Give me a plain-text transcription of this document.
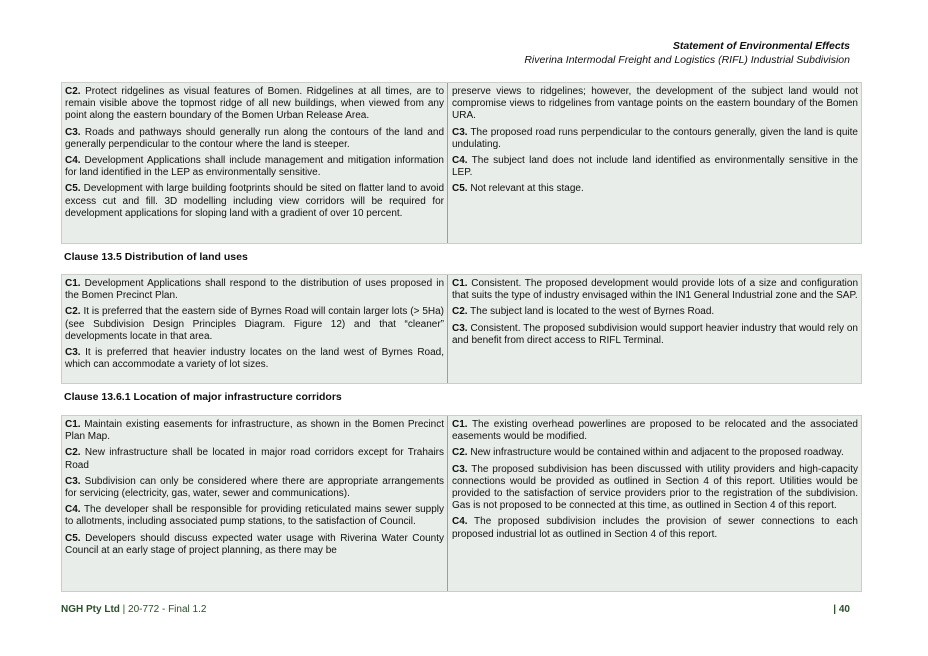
Statement of Environmental Effects
Riverina Intermodal Freight and Logistics (RIFL) Industrial Subdivision
C2. Protect ridgelines as visual features of Bomen. Ridgelines at all times, are to remain visible above the topmost ridge of all new buildings, when viewed from any point along the eastern boundary of the Bomen Urban Release Area.
C3. Roads and pathways should generally run along the contours of the land and generally perpendicular to the contour where the land is steeper.
C4. Development Applications shall include management and mitigation information for land identified in the LEP as environmentally sensitive.
C5. Development with large building footprints should be sited on flatter land to avoid excess cut and fill. 3D modelling including view corridors will be required for development applications for sloping land with a gradient of over 10 percent.
preserve views to ridgelines; however, the development of the subject land would not compromise views to ridgelines from vantage points on the eastern boundary of the Bomen URA.
C3. The proposed road runs perpendicular to the contours generally, given the land is quite undulating.
C4. The subject land does not include land identified as environmentally sensitive in the LEP.
C5. Not relevant at this stage.
Clause 13.5 Distribution of land uses
C1. Development Applications shall respond to the distribution of uses proposed in the Bomen Precinct Plan.
C2. It is preferred that the eastern side of Byrnes Road will contain larger lots (> 5Ha) (see Subdivision Design Principles Diagram. Figure 12) and that “cleaner” developments locate in that area.
C3. It is preferred that heavier industry locates on the land west of Byrnes Road, which can accommodate a variety of lot sizes.
C1. Consistent. The proposed development would provide lots of a size and configuration that suits the type of industry envisaged within the IN1 General Industrial zone and the SAP.
C2. The subject land is located to the west of Byrnes Road.
C3. Consistent. The proposed subdivision would support heavier industry that would rely on and benefit from direct access to RIFL Terminal.
Clause 13.6.1 Location of major infrastructure corridors
C1. Maintain existing easements for infrastructure, as shown in the Bomen Precinct Plan Map.
C2. New infrastructure shall be located in major road corridors except for Trahairs Road
C3. Subdivision can only be considered where there are appropriate arrangements for servicing (electricity, gas, water, sewer and communications).
C4. The developer shall be responsible for providing reticulated mains sewer supply to allotments, including associated pump stations, to the satisfaction of Council.
C5. Developers should discuss expected water usage with Riverina Water County Council at an early stage of project planning, as there may be
C1. The existing overhead powerlines are proposed to be relocated and the associated easements would be modified.
C2. New infrastructure would be contained within and adjacent to the proposed roadway.
C3. The proposed subdivision has been discussed with utility providers and high-capacity connections would be provided as outlined in Section 4 of this report. Utilities would be provided to the satisfaction of service providers prior to the registration of the subdivision. Gas is not proposed to be connected at this time, as outlined in Section 4 of this report.
C4. The proposed subdivision includes the provision of sewer connections to each proposed industrial lot as outlined in Section 4 of this report.
NGH Pty Ltd | 20-772 - Final 1.2	| 40
